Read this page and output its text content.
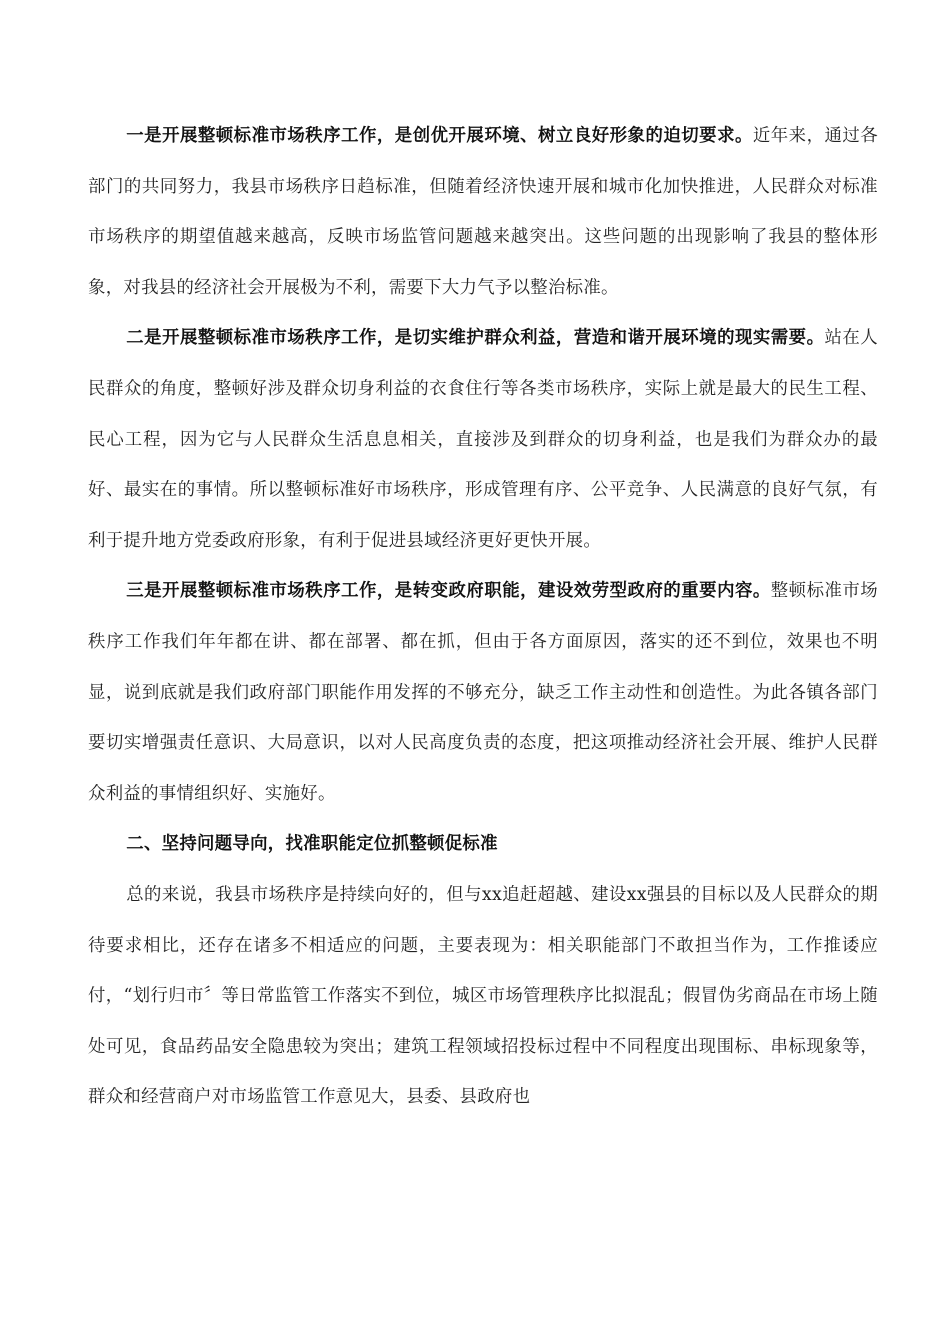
一是开展整顿标准市场秩序工作，是创优开展环境、树立良好形象的迫切要求。近年来，通过各部门的共同努力，我县市场秩序日趋标准，但随着经济快速开展和城市化加快推进，人民群众对标准市场秩序的期望值越来越高，反映市场监管问题越来越突出。这些问题的出现影响了我县的整体形象，对我县的经济社会开展极为不利，需要下大力气予以整治标准。

二是开展整顿标准市场秩序工作，是切实维护群众利益，营造和谐开展环境的现实需要。站在人民群众的角度，整顿好涉及群众切身利益的衣食住行等各类市场秩序，实际上就是最大的民生工程、民心工程，因为它与人民群众生活息息相关，直接涉及到群众的切身利益，也是我们为群众办的最好、最实在的事情。所以整顿标准好市场秩序，形成管理有序、公平竞争、人民满意的良好气氛，有利于提升地方党委政府形象，有利于促进县域经济更好更快开展。

三是开展整顿标准市场秩序工作，是转变政府职能，建设效劳型政府的重要内容。整顿标准市场秩序工作我们年年都在讲、都在部署、都在抓，但由于各方面原因，落实的还不到位，效果也不明显，说到底就是我们政府部门职能作用发挥的不够充分，缺乏工作主动性和创造性。为此各镇各部门要切实增强责任意识、大局意识，以对人民高度负责的态度，把这项推动经济社会开展、维护人民群众利益的事情组织好、实施好。

二、坚持问题导向，找准职能定位抓整顿促标准

总的来说，我县市场秩序是持续向好的，但与xx追赶超越、建设xx强县的目标以及人民群众的期待要求相比，还存在诸多不相适应的问题，主要表现为：相关职能部门不敢担当作为，工作推诿应付，“划行归市〞等日常监管工作落实不到位，城区市场管理秩序比拟混乱；假冒伪劣商品在市场上随处可见，食品药品安全隐患较为突出；建筑工程领域招投标过程中不同程度出现围标、串标现象等，群众和经营商户对市场监管工作意见大，县委、县政府也
